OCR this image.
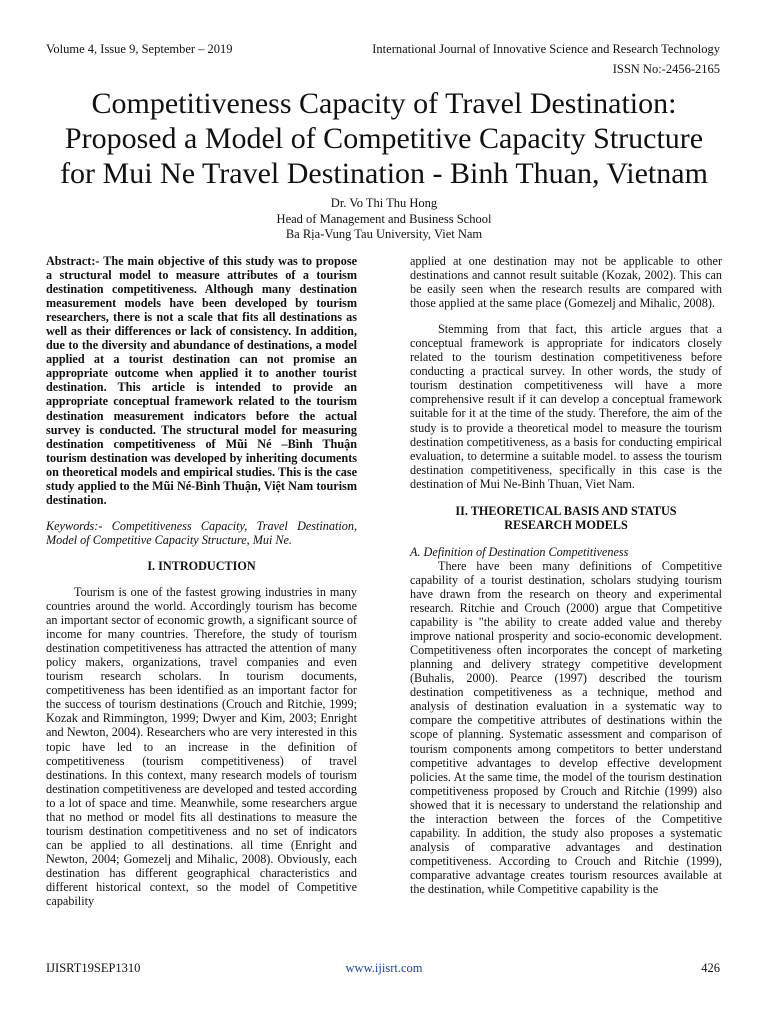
Volume 4, Issue 9, September – 2019	International Journal of Innovative Science and Research Technology
ISSN No:-2456-2165
Competitiveness Capacity of Travel Destination:
Proposed a Model of Competitive Capacity Structure
for Mui Ne Travel Destination - Binh Thuan, Vietnam
Dr. Vo Thi Thu Hong
Head of Management and Business School
Ba Rịa-Vung Tau University, Viet Nam

Abstract:- The main objective of this study was to propose a structural model to measure attributes of a tourism destination competitiveness. Although many destination measurement models have been developed by tourism researchers, there is not a scale that fits all destinations as well as their differences or lack of consistency. In addition, due to the diversity and abundance of destinations, a model applied at a tourist destination can not promise an appropriate outcome when applied it to another tourist destination. This article is intended to provide an appropriate conceptual framework related to the tourism destination measurement indicators before the actual survey is conducted. The structural model for measuring destination competitiveness of Mũi Né –Bình Thuận tourism destination was developed by inheriting documents on theoretical models and empirical studies. This is the case study applied to the Mũi Né-Bình Thuận, Việt Nam tourism destination.

Keywords:- Competitiveness Capacity, Travel Destination, Model of Competitive Capacity Structure, Mui Ne.

I. INTRODUCTION

Tourism is one of the fastest growing industries in many countries around the world. Accordingly tourism has become an important sector of economic growth, a significant source of income for many countries. Therefore, the study of tourism destination competitiveness has attracted the attention of many policy makers, organizations, travel companies and even tourism research scholars. In tourism documents, competitiveness has been identified as an important factor for the success of tourism destinations (Crouch and Ritchie, 1999; Kozak and Rimmington, 1999; Dwyer and Kim, 2003; Enright and Newton, 2004). Researchers who are very interested in this topic have led to an increase in the definition of competitiveness (tourism competitiveness) of travel destinations. In this context, many research models of tourism destination competitiveness are developed and tested according to a lot of space and time. Meanwhile, some researchers argue that no method or model fits all destinations to measure the tourism destination competitiveness and no set of indicators can be applied to all destinations. all time (Enright and Newton, 2004; Gomezelj and Mihalic, 2008). Obviously, each destination has different geographical characteristics and different historical context, so the model of Competitive capability

applied at one destination may not be applicable to other destinations and cannot result suitable (Kozak, 2002). This can be easily seen when the research results are compared with those applied at the same place (Gomezelj and Mihalic, 2008).

Stemming from that fact, this article argues that a conceptual framework is appropriate for indicators closely related to the tourism destination competitiveness before conducting a practical survey. In other words, the study of tourism destination competitiveness will have a more comprehensive result if it can develop a conceptual framework suitable for it at the time of the study. Therefore, the aim of the study is to provide a theoretical model to measure the tourism destination competitiveness, as a basis for conducting empirical evaluation, to determine a suitable model. to assess the tourism destination competitiveness, specifically in this case is the destination of Mui Ne-Binh Thuan, Viet Nam.

II. THEORETICAL BASIS AND STATUS
RESEARCH MODELS

A. Definition of Destination Competitiveness

There have been many definitions of Competitive capability of a tourist destination, scholars studying tourism have drawn from the research on theory and experimental research. Ritchie and Crouch (2000) argue that Competitive capability is "the ability to create added value and thereby improve national prosperity and socio-economic development. Competitiveness often incorporates the concept of marketing planning and delivery strategy competitive development (Buhalis, 2000). Pearce (1997) described the tourism destination competitiveness as a technique, method and analysis of destination evaluation in a systematic way to compare the competitive attributes of destinations within the scope of planning. Systematic assessment and comparison of tourism components among competitors to better understand competitive advantages to develop effective development policies. At the same time, the model of the tourism destination competitiveness proposed by Crouch and Ritchie (1999) also showed that it is necessary to understand the relationship and the interaction between the forces of the Competitive capability. In addition, the study also proposes a systematic analysis of comparative advantages and destination competitiveness. According to Crouch and Ritchie (1999), comparative advantage creates tourism resources available at the destination, while Competitive capability is the

IJISRT19SEP1310	www.ijisrt.com	426
